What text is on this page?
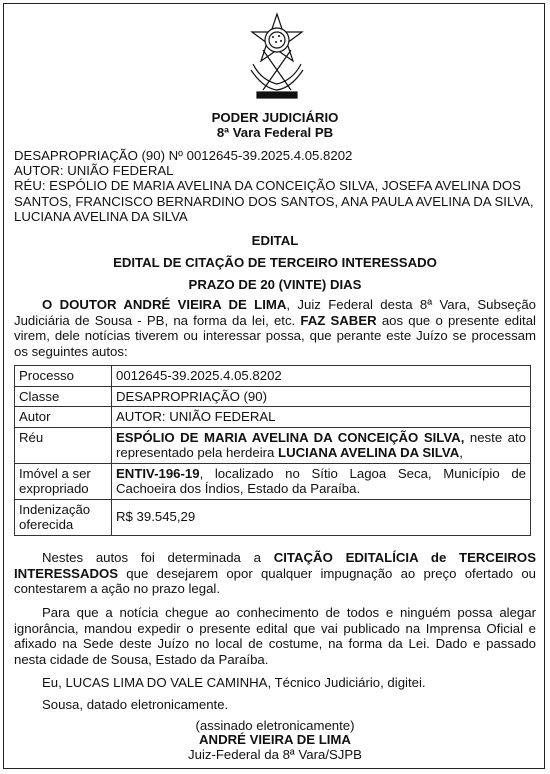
PODER JUDICIÁRIO
8ª Vara Federal PB
DESAPROPRIAÇÃO (90) Nº 0012645-39.2025.4.05.8202
AUTOR: UNIÃO FEDERAL
RÉU: ESPÓLIO DE MARIA AVELINA DA CONCEIÇÃO SILVA, JOSEFA AVELINA DOS SANTOS, FRANCISCO BERNARDINO DOS SANTOS, ANA PAULA AVELINA DA SILVA, LUCIANA AVELINA DA SILVA
EDITAL
EDITAL DE CITAÇÃO DE TERCEIRO INTERESSADO
PRAZO DE 20 (VINTE) DIAS
O DOUTOR ANDRÉ VIEIRA DE LIMA, Juiz Federal desta 8ª Vara, Subseção Judiciária de Sousa - PB, na forma da lei, etc. FAZ SABER aos que o presente edital virem, dele notícias tiverem ou interessar possa, que perante este Juízo se processam os seguintes autos:
Processo	0012645-39.2025.4.05.8202
Classe	DESAPROPRIAÇÃO (90)
Autor	AUTOR: UNIÃO FEDERAL
Réu	ESPÓLIO DE MARIA AVELINA DA CONCEIÇÃO SILVA, neste ato representado pela herdeira LUCIANA AVELINA DA SILVA,
Imóvel a ser expropriado	ENTIV-196-19, localizado no Sítio Lagoa Seca, Município de Cachoeira dos Índios, Estado da Paraíba.
Indenização oferecida	R$ 39.545,29
Nestes autos foi determinada a CITAÇÃO EDITALÍCIA de TERCEIROS INTERESSADOS que desejarem opor qualquer impugnação ao preço ofertado ou contestarem a ação no prazo legal.
Para que a notícia chegue ao conhecimento de todos e ninguém possa alegar ignorância, mandou expedir o presente edital que vai publicado na Imprensa Oficial e afixado na Sede deste Juízo no local de costume, na forma da Lei. Dado e passado nesta cidade de Sousa, Estado da Paraíba.
Eu, LUCAS LIMA DO VALE CAMINHA, Técnico Judiciário, digitei.
Sousa, datado eletronicamente.
(assinado eletronicamente)
ANDRÉ VIEIRA DE LIMA
Juiz-Federal da 8ª Vara/SJPB
